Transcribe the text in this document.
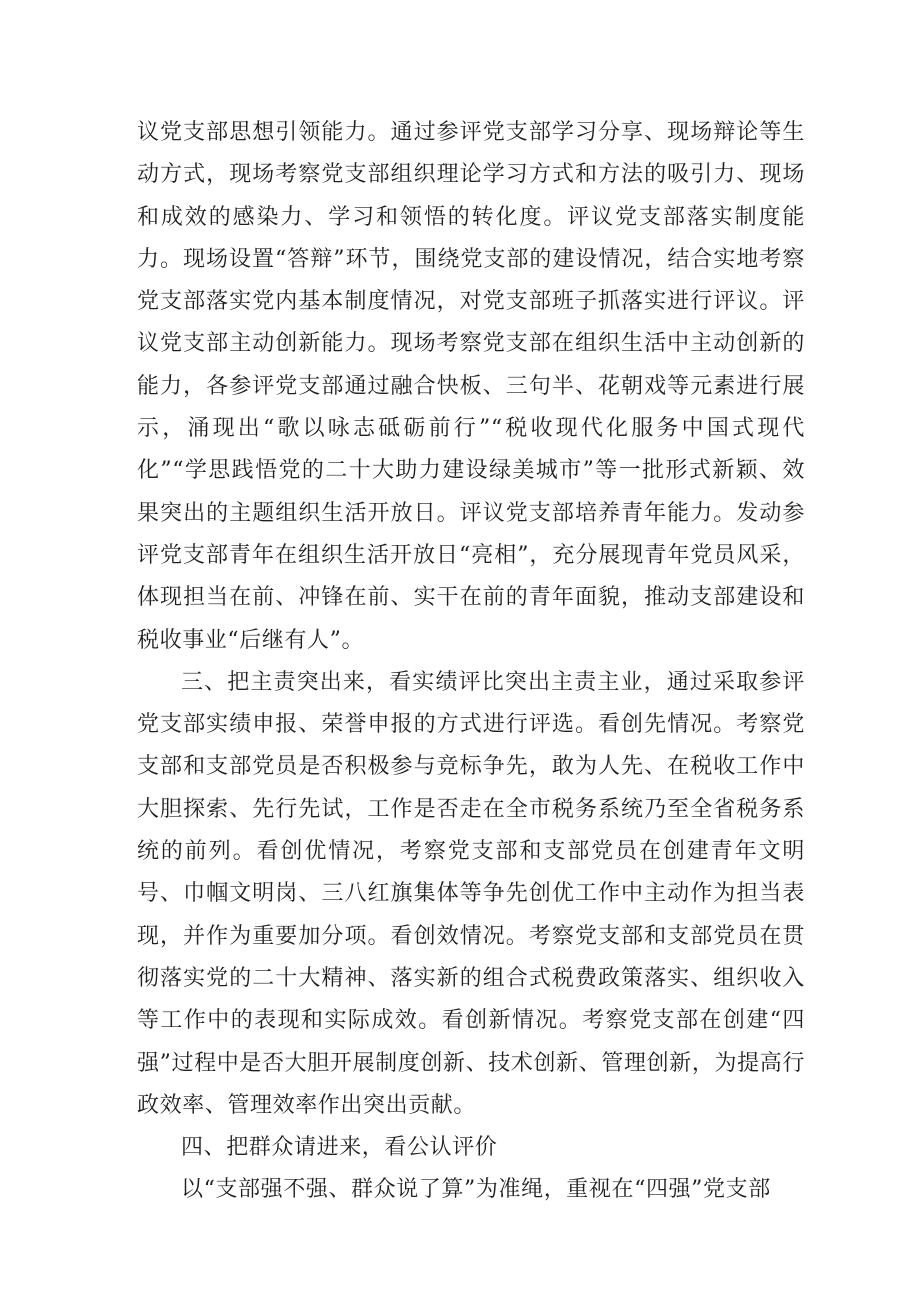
议党支部思想引领能力。通过参评党支部学习分享、现场辩论等生动方式，现场考察党支部组织理论学习方式和方法的吸引力、现场和成效的感染力、学习和领悟的转化度。评议党支部落实制度能力。现场设置“答辩”环节，围绕党支部的建设情况，结合实地考察党支部落实党内基本制度情况，对党支部班子抓落实进行评议。评议党支部主动创新能力。现场考察党支部在组织生活中主动创新的能力，各参评党支部通过融合快板、三句半、花朝戏等元素进行展示，涌现出“歌以咏志砥砺前行”“税收现代化服务中国式现代化”“学思践悟党的二十大助力建设绿美城市”等一批形式新颖、效果突出的主题组织生活开放日。评议党支部培养青年能力。发动参评党支部青年在组织生活开放日“亮相”，充分展现青年党员风采，体现担当在前、冲锋在前、实干在前的青年面貌，推动支部建设和税收事业“后继有人”。

三、把主责突出来，看实绩评比突出主责主业，通过采取参评党支部实绩申报、荣誉申报的方式进行评选。看创先情况。考察党支部和支部党员是否积极参与竞标争先，敢为人先、在税收工作中大胆探索、先行先试，工作是否走在全市税务系统乃至全省税务系统的前列。看创优情况，考察党支部和支部党员在创建青年文明号、巾帼文明岗、三八红旗集体等争先创优工作中主动作为担当表现，并作为重要加分项。看创效情况。考察党支部和支部党员在贯彻落实党的二十大精神、落实新的组合式税费政策落实、组织收入等工作中的表现和实际成效。看创新情况。考察党支部在创建“四强”过程中是否大胆开展制度创新、技术创新、管理创新，为提高行政效率、管理效率作出突出贡献。

四、把群众请进来，看公认评价

以“支部强不强、群众说了算”为准绳，重视在“四强”党支部
